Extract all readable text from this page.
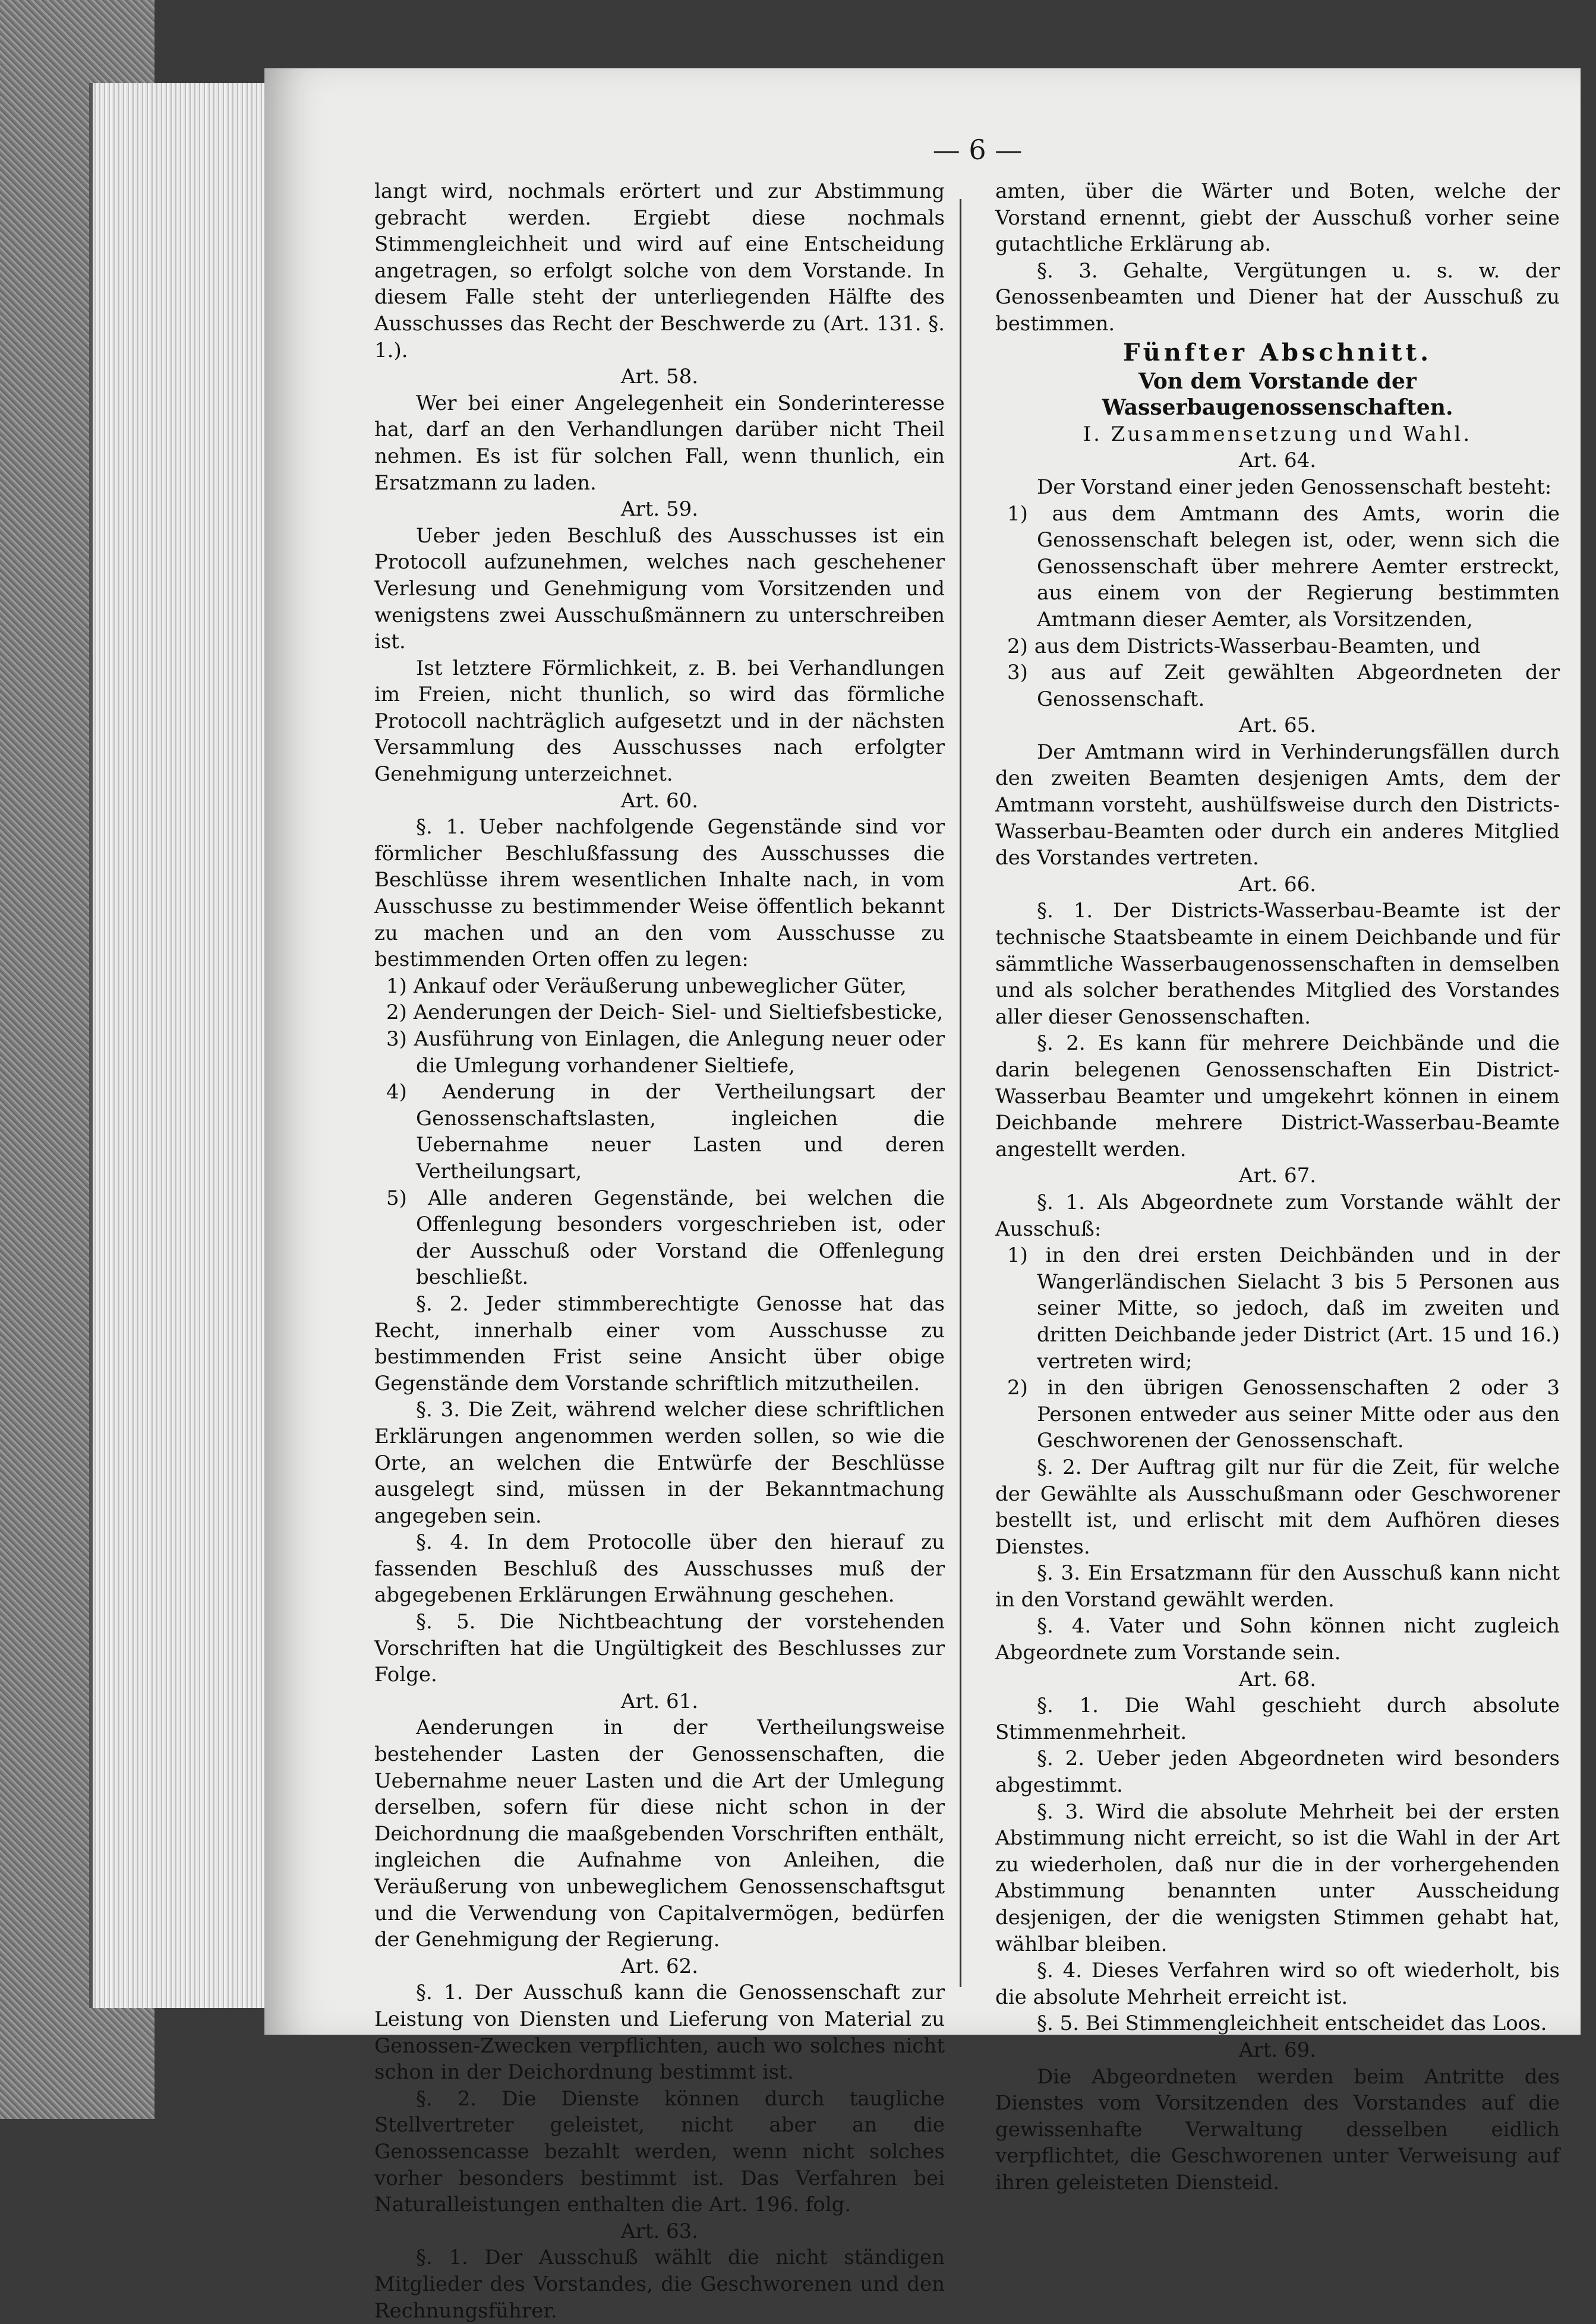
— 6 —

langt wird, nochmals erörtert und zur Abstimmung gebracht werden. Ergiebt diese nochmals Stimmengleichheit und wird auf eine Entscheidung angetragen, so erfolgt solche von dem Vorstande. In diesem Falle steht der unterliegenden Hälfte des Ausschusses das Recht der Beschwerde zu (Art. 131. §. 1.).

Art. 58.

Wer bei einer Angelegenheit ein Sonderinteresse hat, darf an den Verhandlungen darüber nicht Theil nehmen. Es ist für solchen Fall, wenn thunlich, ein Ersatzmann zu laden.

Art. 59.

Ueber jeden Beschluß des Ausschusses ist ein Protocoll aufzunehmen, welches nach geschehener Verlesung und Genehmigung vom Vorsitzenden und wenigstens zwei Ausschußmännern zu unterschreiben ist.

Ist letztere Förmlichkeit, z. B. bei Verhandlungen im Freien, nicht thunlich, so wird das förmliche Protocoll nachträglich aufgesetzt und in der nächsten Versammlung des Ausschusses nach erfolgter Genehmigung unterzeichnet.

Art. 60.

§. 1. Ueber nachfolgende Gegenstände sind vor förmlicher Beschlußfassung des Ausschusses die Beschlüsse ihrem wesentlichen Inhalte nach, in vom Ausschusse zu bestimmender Weise öffentlich bekannt zu machen und an den vom Ausschusse zu bestimmenden Orten offen zu legen:

1) Ankauf oder Veräußerung unbeweglicher Güter,

2) Aenderungen der Deich- Siel- und Sieltiefsbesticke,

3) Ausführung von Einlagen, die Anlegung neuer oder die Umlegung vorhandener Sieltiefe,

4) Aenderung in der Vertheilungsart der Genossenschaftslasten, ingleichen die Uebernahme neuer Lasten und deren Vertheilungsart,

5) Alle anderen Gegenstände, bei welchen die Offenlegung besonders vorgeschrieben ist, oder der Ausschuß oder Vorstand die Offenlegung beschließt.

§. 2. Jeder stimmberechtigte Genosse hat das Recht, innerhalb einer vom Ausschusse zu bestimmenden Frist seine Ansicht über obige Gegenstände dem Vorstande schriftlich mitzutheilen.

§. 3. Die Zeit, während welcher diese schriftlichen Erklärungen angenommen werden sollen, so wie die Orte, an welchen die Entwürfe der Beschlüsse ausgelegt sind, müssen in der Bekanntmachung angegeben sein.

§. 4. In dem Protocolle über den hierauf zu fassenden Beschluß des Ausschusses muß der abgegebenen Erklärungen Erwähnung geschehen.

§. 5. Die Nichtbeachtung der vorstehenden Vorschriften hat die Ungültigkeit des Beschlusses zur Folge.

Art. 61.

Aenderungen in der Vertheilungsweise bestehender Lasten der Genossenschaften, die Uebernahme neuer Lasten und die Art der Umlegung derselben, sofern für diese nicht schon in der Deichordnung die maaßgebenden Vorschriften enthält, ingleichen die Aufnahme von Anleihen, die Veräußerung von unbeweglichem Genossenschaftsgut und die Verwendung von Capitalvermögen, bedürfen der Genehmigung der Regierung.

Art. 62.

§. 1. Der Ausschuß kann die Genossenschaft zur Leistung von Diensten und Lieferung von Material zu Genossen-Zwecken verpflichten, auch wo solches nicht schon in der Deichordnung bestimmt ist.

§. 2. Die Dienste können durch taugliche Stellvertreter geleistet, nicht aber an die Genossencasse bezahlt werden, wenn nicht solches vorher besonders bestimmt ist. Das Verfahren bei Naturalleistungen enthalten die Art. 196. folg.

Art. 63.

§. 1. Der Ausschuß wählt die nicht ständigen Mitglieder des Vorstandes, die Geschworenen und den Rechnungsführer.

amten, über die Wärter und Boten, welche der Vorstand ernennt, giebt der Ausschuß vorher seine gutachtliche Erklärung ab.

§. 3. Gehalte, Vergütungen u. s. w. der Genossenbeamten und Diener hat der Ausschuß zu bestimmen.

Fünfter Abschnitt.

Von dem Vorstande der Wasserbaugenossenschaften.

I. Zusammensetzung und Wahl.

Art. 64.

Der Vorstand einer jeden Genossenschaft besteht:

1) aus dem Amtmann des Amts, worin die Genossenschaft belegen ist, oder, wenn sich die Genossenschaft über mehrere Aemter erstreckt, aus einem von der Regierung bestimmten Amtmann dieser Aemter, als Vorsitzenden,

2) aus dem Districts-Wasserbau-Beamten, und

3) aus auf Zeit gewählten Abgeordneten der Genossenschaft.

Art. 65.

Der Amtmann wird in Verhinderungsfällen durch den zweiten Beamten desjenigen Amts, dem der Amtmann vorsteht, aushülfsweise durch den Districts-Wasserbau-Beamten oder durch ein anderes Mitglied des Vorstandes vertreten.

Art. 66.

§. 1. Der Districts-Wasserbau-Beamte ist der technische Staatsbeamte in einem Deichbande und für sämmtliche Wasserbaugenossenschaften in demselben und als solcher berathendes Mitglied des Vorstandes aller dieser Genossenschaften.

§. 2. Es kann für mehrere Deichbände und die darin belegenen Genossenschaften Ein District-Wasserbau Beamter und umgekehrt können in einem Deichbande mehrere District-Wasserbau-Beamte angestellt werden.

Art. 67.

§. 1. Als Abgeordnete zum Vorstande wählt der Ausschuß:

1) in den drei ersten Deichbänden und in der Wangerländischen Sielacht 3 bis 5 Personen aus seiner Mitte, so jedoch, daß im zweiten und dritten Deichbande jeder District (Art. 15 und 16.) vertreten wird;

2) in den übrigen Genossenschaften 2 oder 3 Personen entweder aus seiner Mitte oder aus den Geschworenen der Genossenschaft.

§. 2. Der Auftrag gilt nur für die Zeit, für welche der Gewählte als Ausschußmann oder Geschworener bestellt ist, und erlischt mit dem Aufhören dieses Dienstes.

§. 3. Ein Ersatzmann für den Ausschuß kann nicht in den Vorstand gewählt werden.

§. 4. Vater und Sohn können nicht zugleich Abgeordnete zum Vorstande sein.

Art. 68.

§. 1. Die Wahl geschieht durch absolute Stimmenmehrheit.

§. 2. Ueber jeden Abgeordneten wird besonders abgestimmt.

§. 3. Wird die absolute Mehrheit bei der ersten Abstimmung nicht erreicht, so ist die Wahl in der Art zu wiederholen, daß nur die in der vorhergehenden Abstimmung benannten unter Ausscheidung desjenigen, der die wenigsten Stimmen gehabt hat, wählbar bleiben.

§. 4. Dieses Verfahren wird so oft wiederholt, bis die absolute Mehrheit erreicht ist.

§. 5. Bei Stimmengleichheit entscheidet das Loos.

Art. 69.

Die Abgeordneten werden beim Antritte des Dienstes vom Vorsitzenden des Vorstandes auf die gewissenhafte Verwaltung desselben eidlich verpflichtet, die Geschworenen unter Verweisung auf ihren geleisteten Diensteid.
